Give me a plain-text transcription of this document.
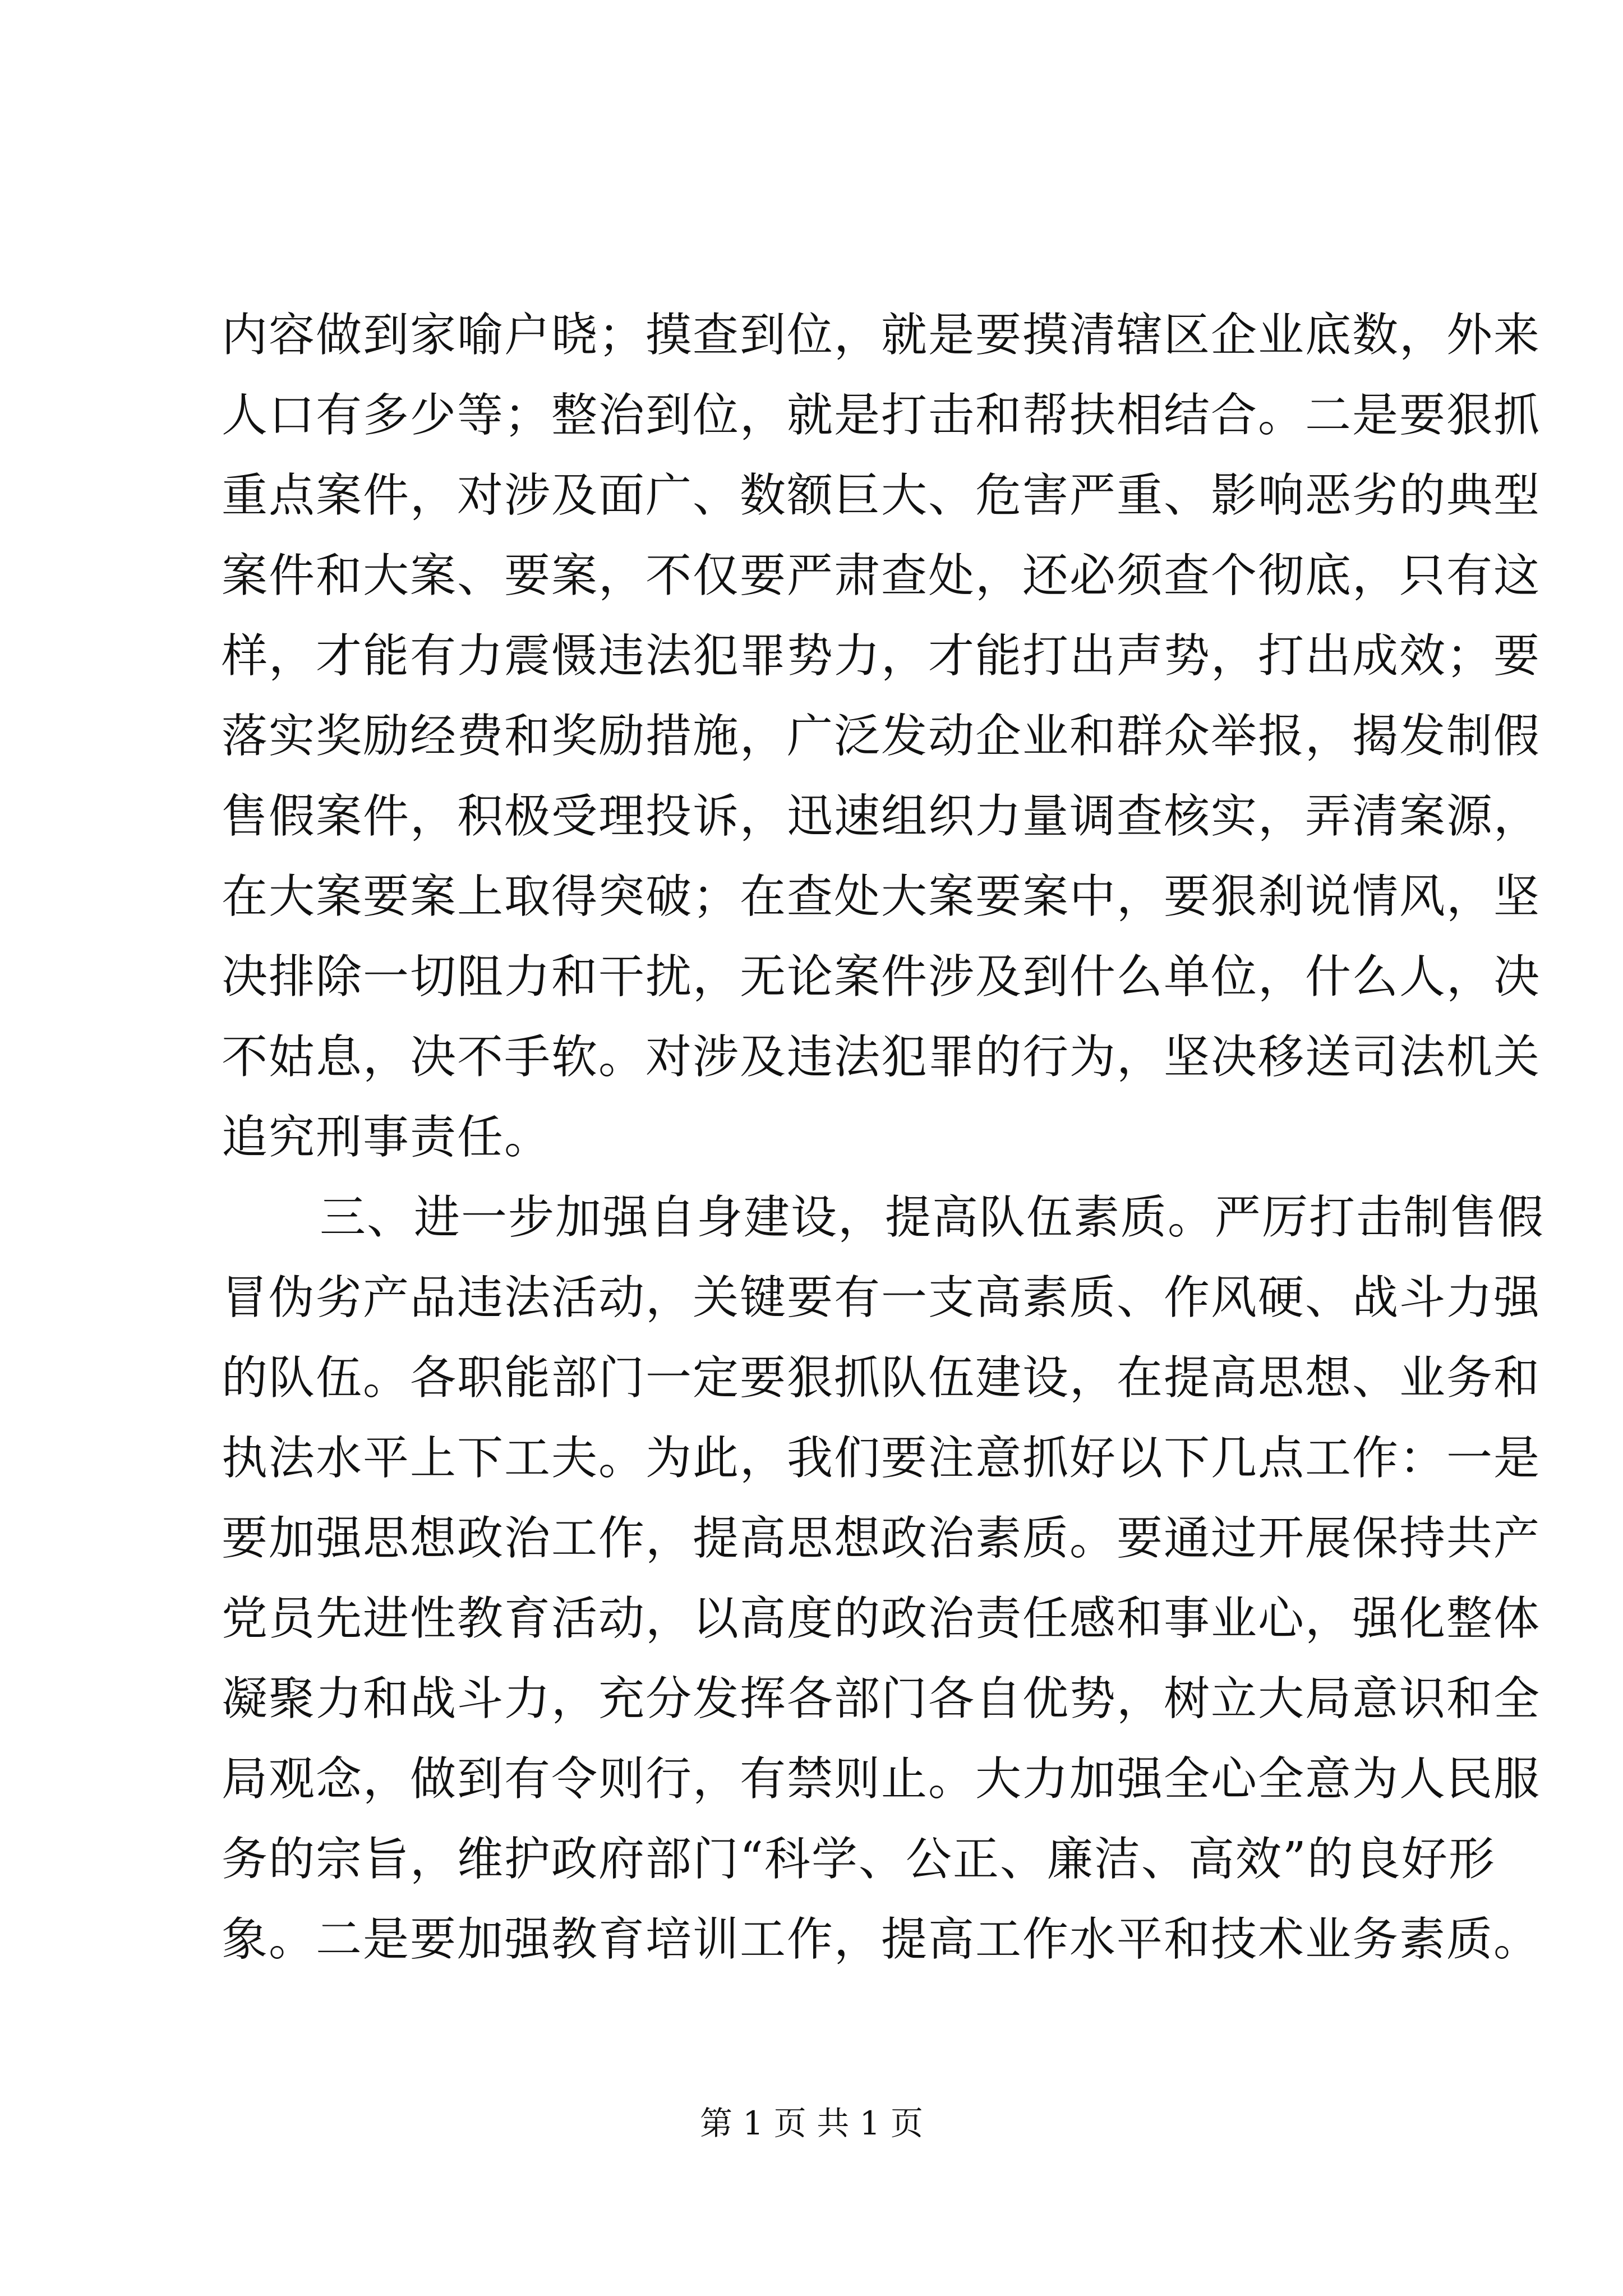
内容做到家喻户晓；摸查到位，就是要摸清辖区企业底数，外来
人口有多少等；整治到位，就是打击和帮扶相结合。二是要狠抓
重点案件，对涉及面广、数额巨大、危害严重、影响恶劣的典型
案件和大案、要案，不仅要严肃查处，还必须查个彻底，只有这
样，才能有力震慑违法犯罪势力，才能打出声势，打出成效；要
落实奖励经费和奖励措施，广泛发动企业和群众举报，揭发制假
售假案件，积极受理投诉，迅速组织力量调查核实，弄清案源，
在大案要案上取得突破；在查处大案要案中，要狠刹说情风，坚
决排除一切阻力和干扰，无论案件涉及到什么单位，什么人，决
不姑息，决不手软。对涉及违法犯罪的行为，坚决移送司法机关
追究刑事责任。
三、进一步加强自身建设，提高队伍素质。严厉打击制售假
冒伪劣产品违法活动，关键要有一支高素质、作风硬、战斗力强
的队伍。各职能部门一定要狠抓队伍建设，在提高思想、业务和
执法水平上下工夫。为此，我们要注意抓好以下几点工作：一是
要加强思想政治工作，提高思想政治素质。要通过开展保持共产
党员先进性教育活动，以高度的政治责任感和事业心，强化整体
凝聚力和战斗力，充分发挥各部门各自优势，树立大局意识和全
局观念，做到有令则行，有禁则止。大力加强全心全意为人民服
务的宗旨，维护政府部门“科学、公正、廉洁、高效”的良好形
象。二是要加强教育培训工作，提高工作水平和技术业务素质。
第 1 页 共 1 页
